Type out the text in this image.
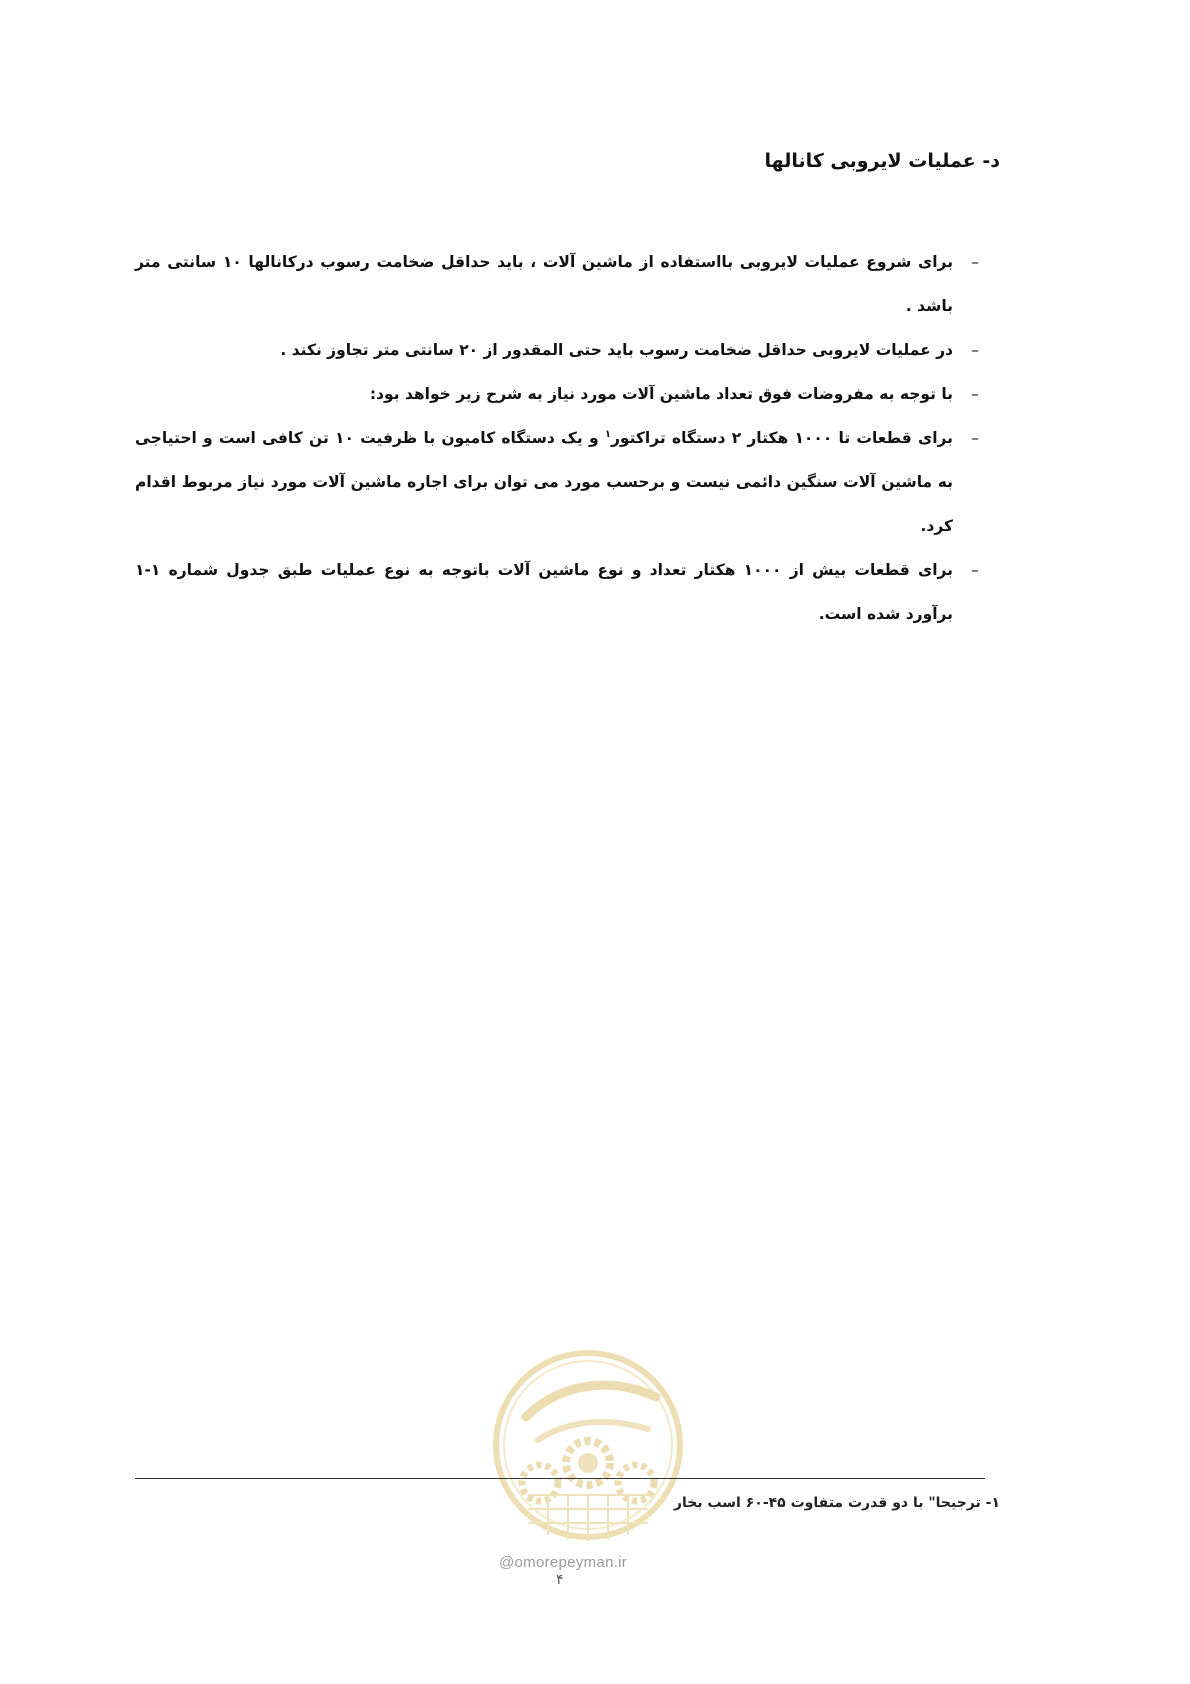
د- عملیات لایروبی کانالها

–
برای شروع عملیات لایروبی بااستفاده از ماشین آلات ، باید حداقل ضخامت رسوب درکانالها ۱۰ سانتی متر باشد .

–
در عملیات لایروبی حداقل ضخامت رسوب باید حتی المقدور از ۲۰ سانتی متر تجاوز نکند .

–
با توجه به مفروضات فوق تعداد ماشین آلات مورد نیاز به شرح زیر خواهد بود:

–
برای قطعات تا ۱۰۰۰ هکتار ۲ دستگاه تراکتور$^۱$ و یک دستگاه کامیون با ظرفیت ۱۰ تن کافی است و احتیاجی به ماشین آلات سنگین دائمی نیست و برحسب مورد می توان برای اجاره ماشین آلات مورد نیاز مربوط اقدام کرد.

–
برای قطعات بیش از ۱۰۰۰ هکتار تعداد و نوع ماشین آلات باتوجه به نوع عملیات طبق جدول شماره ۱-۱ برآورد شده است.

۱- ترجیحا" با دو قدرت متفاوت ۴۵-۶۰ اسب بخار
@omorepeyman.ir
۴
